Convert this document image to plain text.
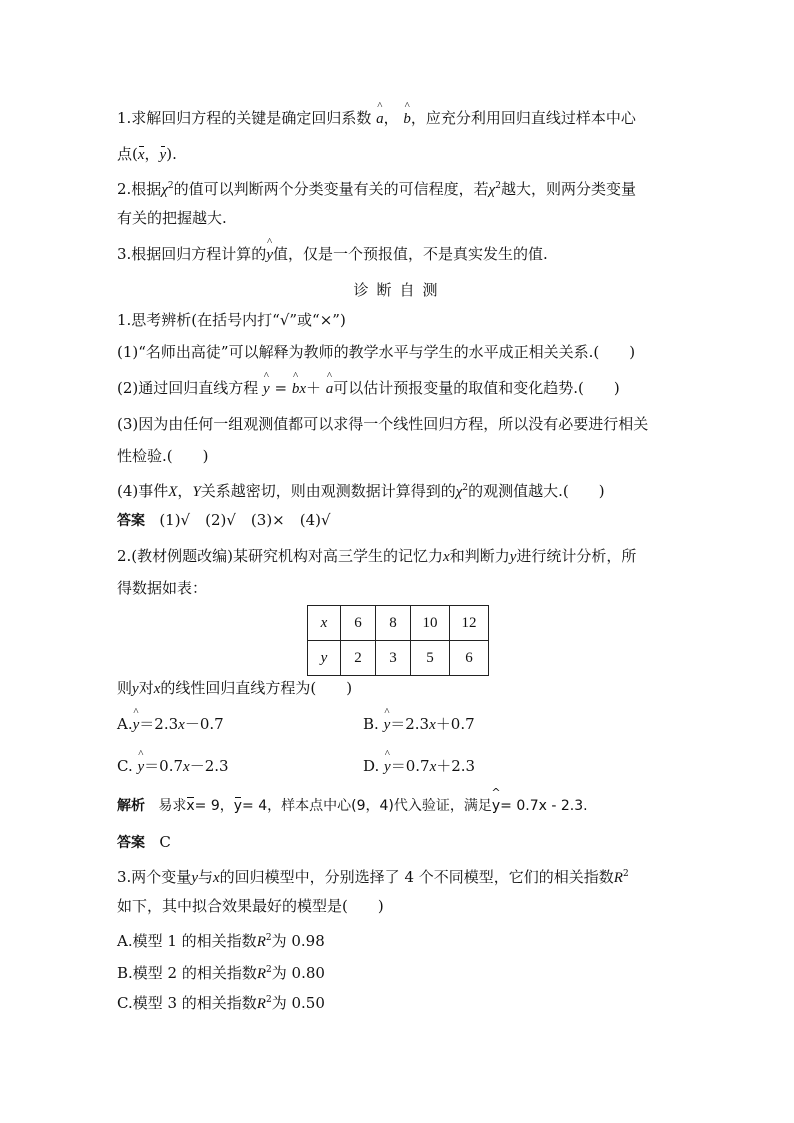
1.求解回归方程的关键是确定回归系数 ^ a， ^ b，应充分利用回归直线过样本中心
点(x，y).
2.根据$\chi^2$的值可以判断两个分类变量有关的可信程度，若$\chi^2$越大，则两分类变量
有关的把握越大.
3.根据回归方程计算的^ y值，仅是一个预报值，不是真实发生的值.
诊断自测
1.思考辨析(在括号内打“√”或“×”)
(1)“名师出高徒”可以解释为教师的教学水平与学生的水平成正相关关系.(　　)
(2)通过回归直线方程 ^ y = ^ bx＋ ^ a可以估计预报变量的取值和变化趋势.(　　)
(3)因为由任何一组观测值都可以求得一个线性回归方程，所以没有必要进行相关
性检验.(　　)
(4)事件X，Y关系越密切，则由观测数据计算得到的$\chi^2$的观测值越大.(　　)
答案 (1)√　(2)√　(3)×　(4)√
2.(教材例题改编)某研究机构对高三学生的记忆力x和判断力y进行统计分析，所
得数据如表：
x	6	8	10	12
y	2	3	5	6
则y对x的线性回归直线方程为(　　)
A.^ y＝2.3x－0.7	B. ^ y＝2.3x＋0.7
C. ^ y＝0.7x－2.3	D. ^ y＝0.7x＋2.3
解析 易求x= 9，y= 4，样本点中心(9，4)代入验证，满足^ y= 0.7x - 2.3.
答案 C
3.两个变量y与x的回归模型中，分别选择了 4 个不同模型，它们的相关指数$R^2$
如下，其中拟合效果最好的模型是(　　)
A.模型 1 的相关指数$R^2$为 0.98
B.模型 2 的相关指数$R^2$为 0.80
C.模型 3 的相关指数$R^2$为 0.50
